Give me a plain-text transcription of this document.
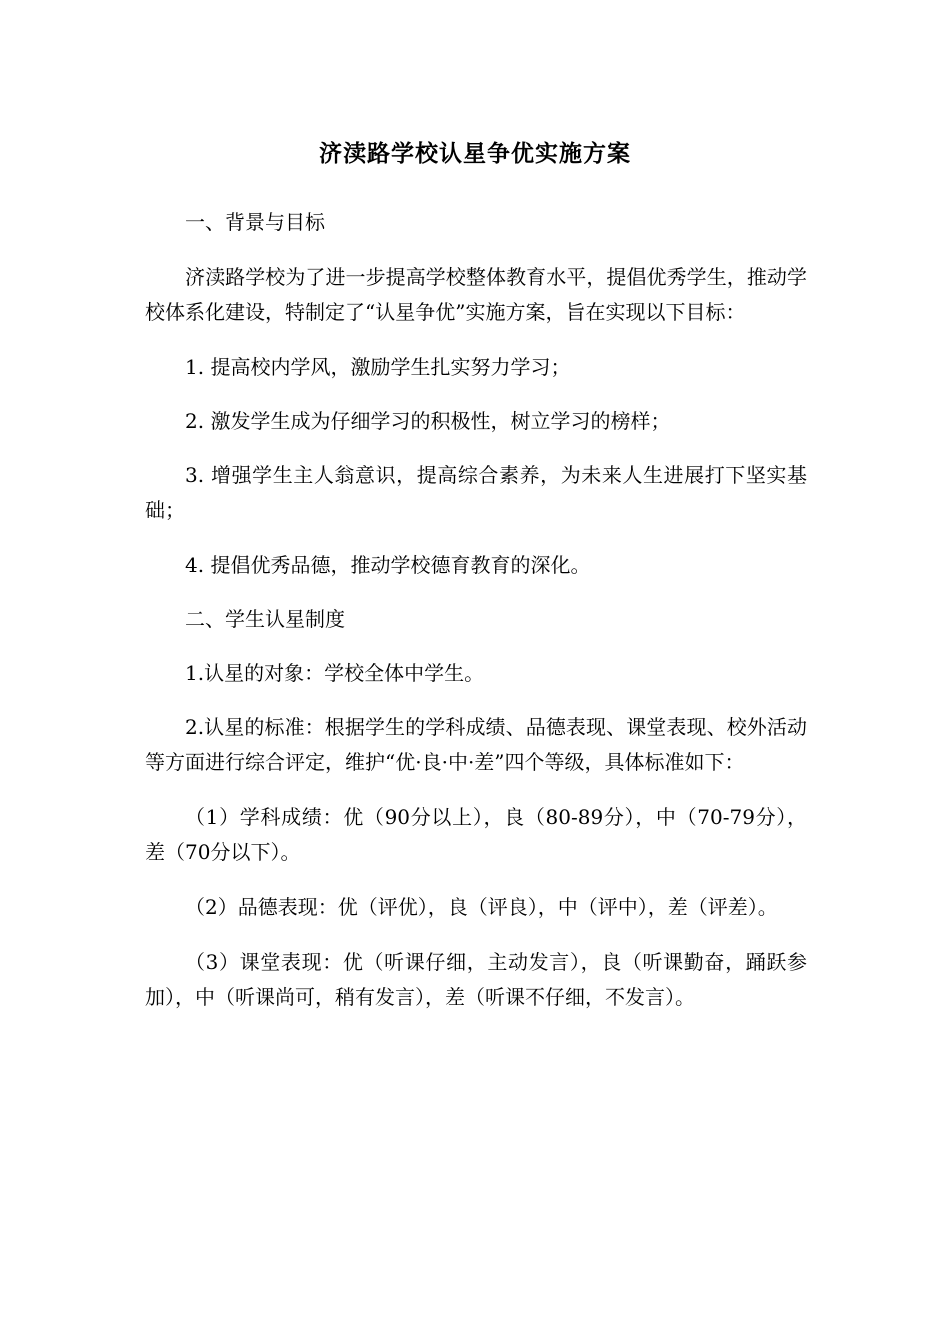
济渎路学校认星争优实施方案

一、背景与目标

济渎路学校为了进一步提高学校整体教育水平，提倡优秀学生，推动学校体系化建设，特制定了“认星争优”实施方案，旨在实现以下目标：

1. 提高校内学风，激励学生扎实努力学习；

2. 激发学生成为仔细学习的积极性，树立学习的榜样；

3. 增强学生主人翁意识，提高综合素养，为未来人生进展打下坚实基础；

4. 提倡优秀品德，推动学校德育教育的深化。

二、学生认星制度

1.认星的对象：学校全体中学生。

2.认星的标准：根据学生的学科成绩、品德表现、课堂表现、校外活动等方面进行综合评定，维护“优·良·中·差”四个等级，具体标准如下：

（1）学科成绩：优（90分以上），良（80-89分），中（70-79分），差（70分以下）。

（2）品德表现：优（评优），良（评良），中（评中），差（评差）。

（3）课堂表现：优（听课仔细，主动发言），良（听课勤奋，踊跃参加），中（听课尚可，稍有发言），差（听课不仔细，不发言）。
